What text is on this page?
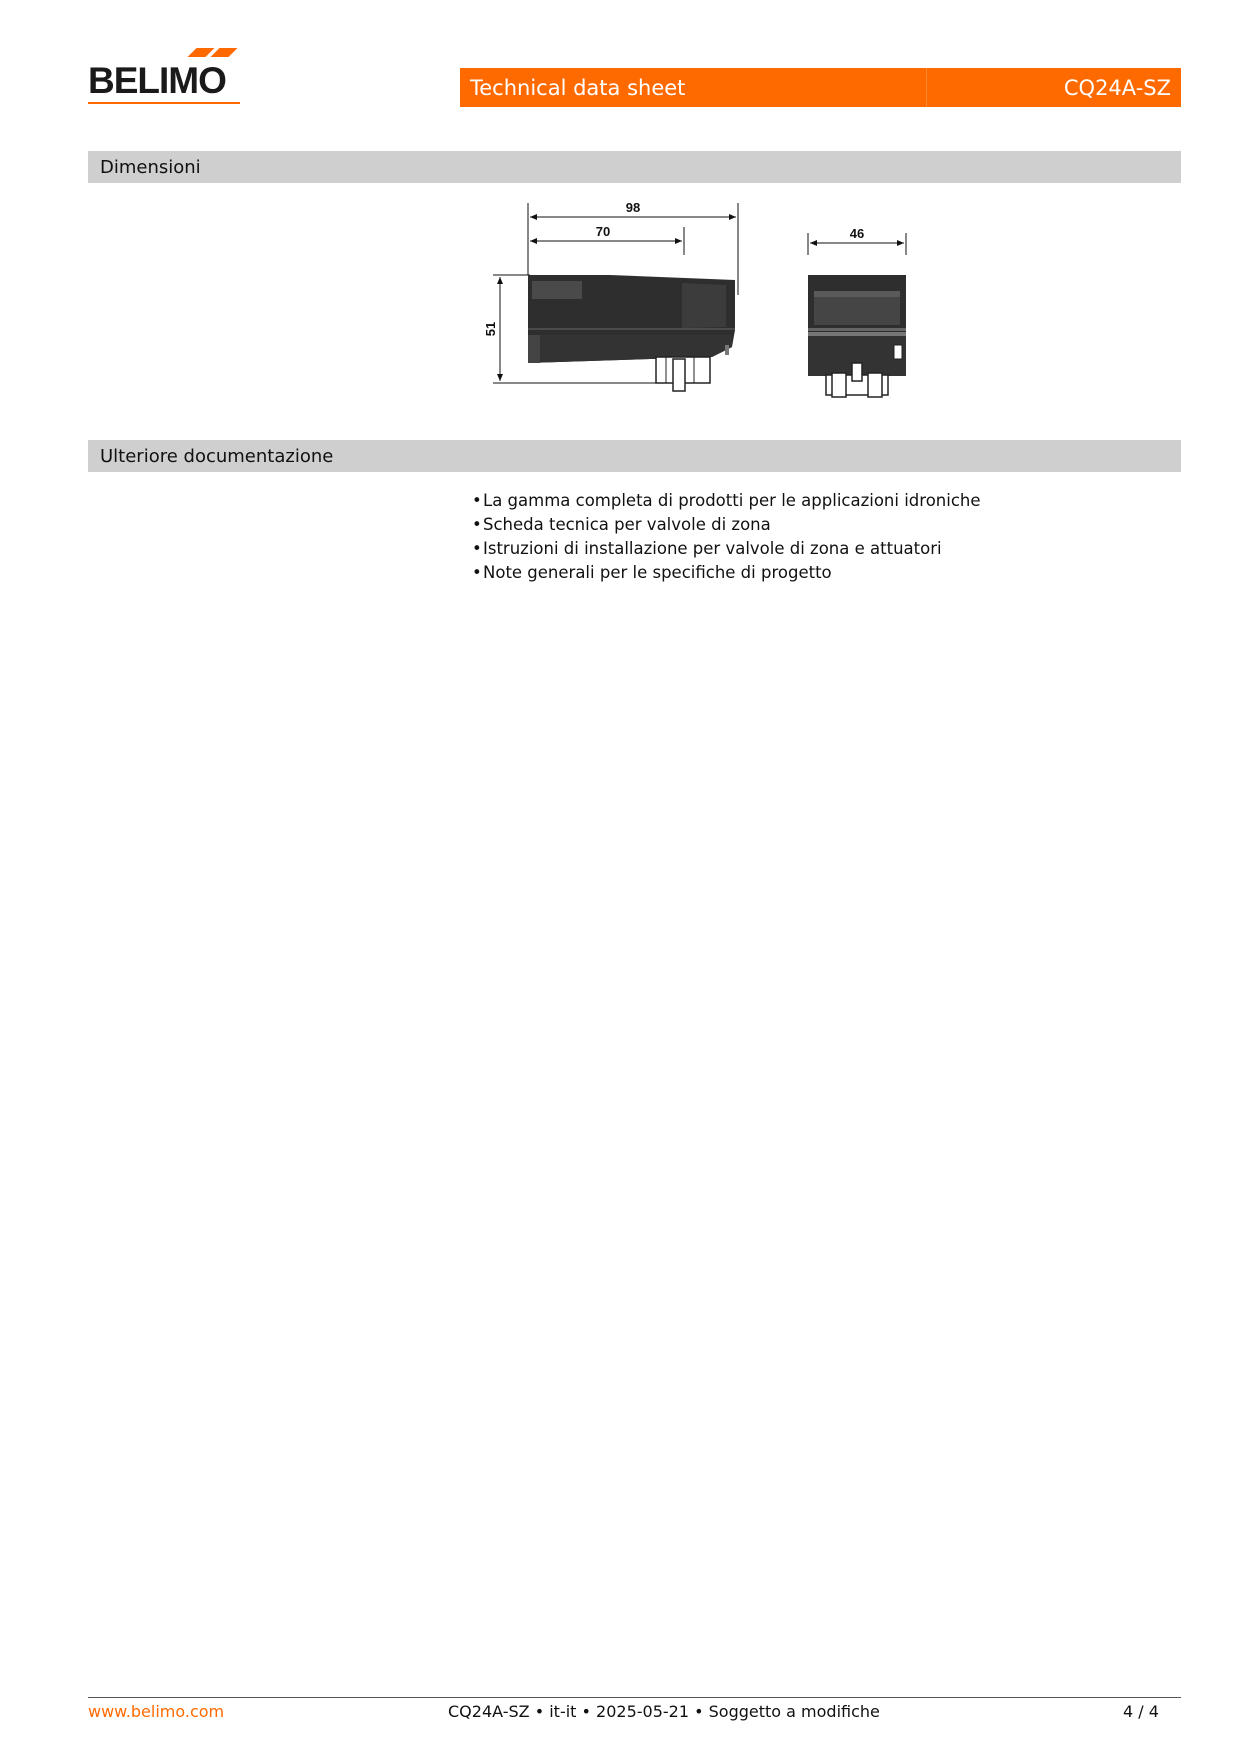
BELIMO	Technical data sheet	CQ24A-SZ
Dimensioni
98
70
51
46
Ulteriore documentazione
•La gamma completa di prodotti per le applicazioni idroniche
•Scheda tecnica per valvole di zona
•Istruzioni di installazione per valvole di zona e attuatori
•Note generali per le specifiche di progetto
www.belimo.com	CQ24A-SZ • it-it • 2025-05-21 • Soggetto a modifiche	4 / 4
